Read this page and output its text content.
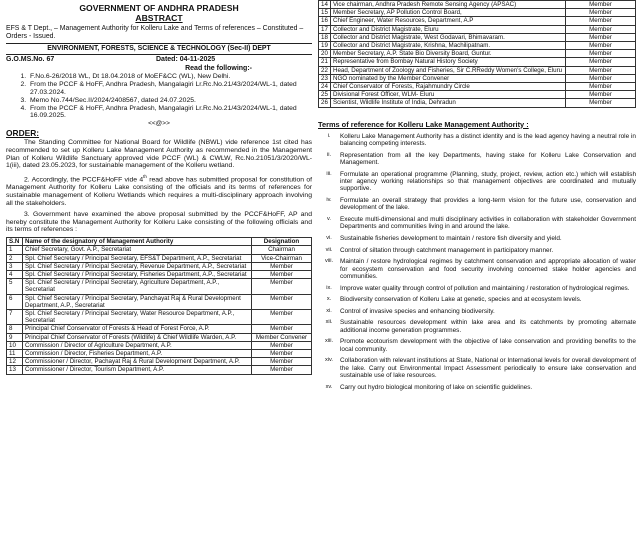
GOVERNMENT OF ANDHRA PRADESH
ABSTRACT
EFS & T Dept., – Management Authority for Kolleru Lake and Terms of references – Constituted – Orders - Issued.
ENVIRONMENT, FORESTS, SCIENCE & TECHNOLOGY (Sec-II) DEPT
G.O.MS.No. 67	Dated: 04-11-2025
Read the following:-
1. F.No.6-26/2018 WL, Dt 18.04.2018 of MoEF&CC (WL), New Delhi.
2. From the PCCF & HoFF, Andhra Pradesh, Mangalagiri Lr.Rc.No.21/43/2024/WL-1, dated 27.03.2024.
3. Memo No.744/Sec.II/2024/2408567, dated 24.07.2025.
4. From the PCCF & HoFF, Andhra Pradesh, Mangalagiri Lr.Rc.No.21/43/2024/WL-1, dated 16.09.2025.
<<@>>
ORDER:
The Standing Committee for National Board for Wildlife (NBWL) vide reference 1st cited has recommended to set up Kolleru Lake Management Authority as recommended in the Management Plan of Kolleru Wildlife Sanctuary approved vide PCCF (WL) & CWLW, Rc.No.21051/3/2020/WL-1(iii), dated 23.05.2023, for sustainable management of the Kolleru wetland.
2. Accordingly, the PCCF&HoFF vide 4th read above has submitted proposal for constitution of Management Authority for Kolleru Lake consisting of the officials and its terms of references for sustainable management of Kolleru Wetlands which requires a multi-disciplinary approach involving all the stakeholders.
3. Government have examined the above proposal submitted by the PCCF&HoFF, AP and hereby constitute the Management Authority for Kolleru Lake consisting of the following officials and its terms of references :
S.N	Name of the designatory of Management Authority	Designation
1	Chief Secretary, Govt. A.P., Secretariat	Chairman
2	Spl. Chief Secretary / Principal Secretary, EFS&T Department, A.P., Secretariat	Vice-Chairman
3	Spl. Chief Secretary / Principal Secretary, Revenue Department, A.P., Secretariat	Member
4	Spl. Chief Secretary / Principal Secretary, Fisheries Department, A.P., Secretariat	Member
5	Spl. Chief Secretary / Principal Secretary, Agriculture Department, A.P., Secretariat	Member
6	Spl. Chief Secretary / Principal Secretary, Panchayat Raj & Rural Development Department, A.P., Secretariat	Member
7	Spl. Chief Secretary / Principal Secretary, Water Resource Department, A.P., Secretariat	Member
8	Principal Chief Conservator of Forests & Head of Forest Force, A.P.	Member
9	Principal Chief Conservator of Forests (Wildlife) & Chief Wildlife Warden, A.P.	Member Convener
10	Commission / Director of Agriculture Department, A.P.	Member
11	Commission / Director, Fisheries Department, A.P.	Member
12	Commissioner / Director, Pachayat Raj & Rural Development Department, A.P.	Member
13	Commissioner / Director, Tourism Department, A.P.	Member
14	Vice chairman, Andhra Pradesh Remote Sensing Agency (APSAC)	Member
15	Member Secretary, AP Pollution Control Board,	Member
16	Chief Engineer, Water Resources, Department, A.P	Member
17	Collector and District Magistrate, Eluru	Member
18	Collector and District Magistrate, West Godavari, Bhimavaram.	Member
19	Collector and District Magistrate, Krishna, Machilipatnam.	Member
20	Member Secretary, A.P. State Bio Diversity Board, Guntur.	Member
21	Representative from Bombay Natural History Society	Member
22	Head, Department of Zoology and Fisheries, Sir C.RReddy Women's College, Eluru	Member
23	NGO nominated by the Member Convener	Member
24	Chief Conservator of Forests, Rajahmundry Circle	Member
25	Divisional Forest Officer, WLM- Eluru	Member
26	Scientist, Wildlife Institute of India, Dehradun	Member
Terms of reference for Kolleru Lake Management Authority :
i.	Kolleru Lake Management Authority has a distinct identity and is the lead agency having a neutral role in balancing competing interests.
ii.	Representation from all the key Departments, having stake for Kolleru Lake Conservation and Management.
iii.	Formulate an operational programme (Planning, study, project, review, action etc.) which will establish inter agency working relationships so that management objectives are coordinated and mutually supportive.
iv.	Formulate an overall strategy that provides a long-term vision for the future use, conservation and development of the lake.
v.	Execute multi-dimensional and multi disciplinary activities in collaboration with stakeholder Government Departments and communities living in and around the lake.
vi.	Sustainable fisheries development to maintain / restore fish diversity and yield.
vii.	Control of siltation through catchment management in participatory manner.
viii.	Maintain / restore hydrological regimes by catchment conservation and appropriate allocation of water for ecosystem conservation and food security involving concerned stake holder agencies and communities.
ix.	Improve water quality through control of pollution and maintaining / restoration of hydrological regimes.
x.	Biodiversity conservation of Kolleru Lake at genetic, species and at ecosystem levels.
xi.	Control of invasive species and enhancing biodiversity.
xii.	Sustainable resources development within lake area and its catchments by promoting alternate additional income generation programmes.
xiii.	Promote ecotourism development with the objective of lake conservation and providing benefits to the local community.
xiv.	Collaboration with relevant institutions at State, National or International levels for overall development of the lake. Carry out Environmental Impact Assessment periodically to ensure lake conservation and sustainable use of lake resources.
xv.	Carry out hydro biological monitoring of lake on scientific guidelines.
